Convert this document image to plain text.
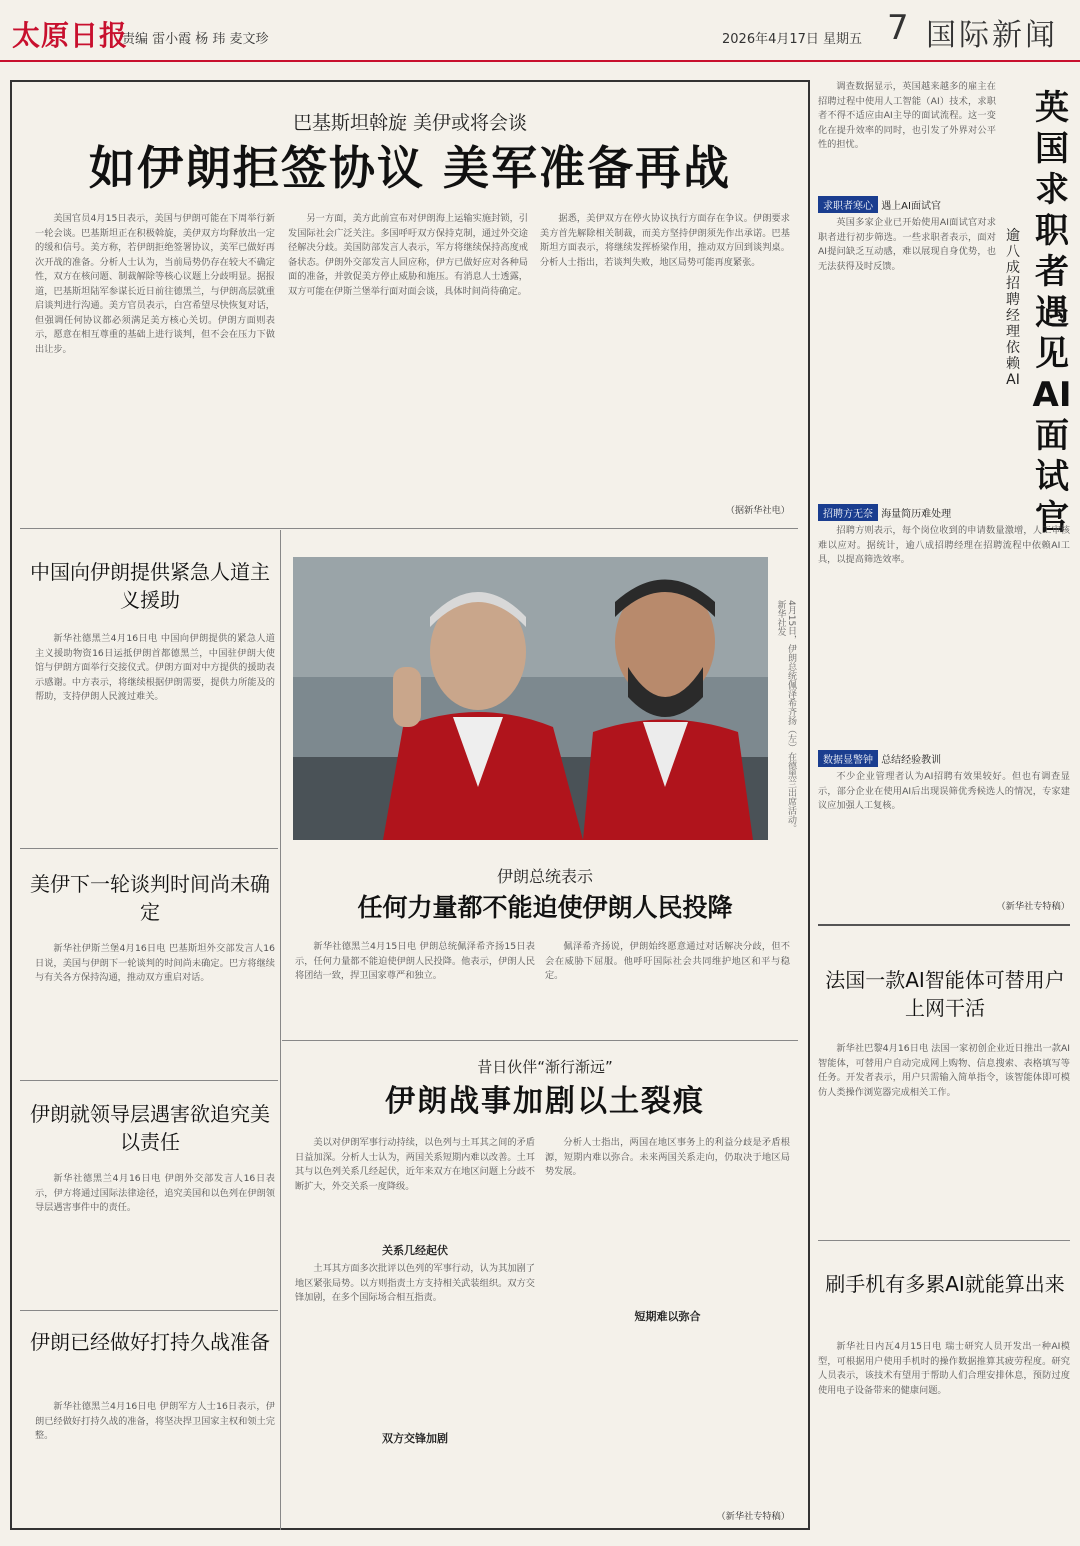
太原日报
责编 雷小霞 杨 玮 麦文珍	2026年4月17日 星期五 7 国际新闻
巴基斯坦斡旋 美伊或将会谈
如伊朗拒签协议 美军准备再战
美国官员4月15日表示，美国与伊朗可能在下周举行新一轮会谈。巴基斯坦正在积极斡旋，美伊双方均释放出一定的缓和信号。美方称，若伊朗拒绝签署协议，美军已做好再次开战的准备。分析人士认为，当前局势仍存在较大不确定性，双方在核问题、制裁解除等核心议题上分歧明显。据报道，巴基斯坦陆军参谋长近日前往德黑兰，与伊朗高层就重启谈判进行沟通。美方官员表示，白宫希望尽快恢复对话，但强调任何协议都必须满足美方核心关切。伊朗方面则表示，愿意在相互尊重的基础上进行谈判，但不会在压力下做出让步。
另一方面，美方此前宣布对伊朗海上运输实施封锁，引发国际社会广泛关注。多国呼吁双方保持克制，通过外交途径解决分歧。美国防部发言人表示，军方将继续保持高度戒备状态。伊朗外交部发言人回应称，伊方已做好应对各种局面的准备，并敦促美方停止威胁和施压。有消息人士透露，双方可能在伊斯兰堡举行面对面会谈，具体时间尚待确定。
据悉，美伊双方在停火协议执行方面存在争议。伊朗要求美方首先解除相关制裁，而美方坚持伊朗须先作出承诺。巴基斯坦方面表示，将继续发挥桥梁作用，推动双方回到谈判桌。分析人士指出，若谈判失败，地区局势可能再度紧张。
（据新华社电）
中国向伊朗提供紧急人道主义援助
新华社德黑兰4月16日电 中国向伊朗提供的紧急人道主义援助物资16日运抵伊朗首都德黑兰，中国驻伊朗大使馆与伊朗方面举行交接仪式。伊朗方面对中方提供的援助表示感谢。中方表示，将继续根据伊朗需要，提供力所能及的帮助，支持伊朗人民渡过难关。
美伊下一轮谈判时间尚未确定
新华社伊斯兰堡4月16日电 巴基斯坦外交部发言人16日说，美国与伊朗下一轮谈判的时间尚未确定。巴方将继续与有关各方保持沟通，推动双方重启对话。
伊朗就领导层遇害欲追究美以责任
新华社德黑兰4月16日电 伊朗外交部发言人16日表示，伊方将通过国际法律途径，追究美国和以色列在伊朗领导层遇害事件中的责任。
伊朗已经做好打持久战准备
新华社德黑兰4月16日电 伊朗军方人士16日表示，伊朗已经做好打持久战的准备，将坚决捍卫国家主权和领土完整。
4月15日，伊朗总统佩泽希齐扬（左）在德黑兰出席活动。新华社发
伊朗总统表示
任何力量都不能迫使伊朗人民投降
新华社德黑兰4月15日电 伊朗总统佩泽希齐扬15日表示，任何力量都不能迫使伊朗人民投降。他表示，伊朗人民将团结一致，捍卫国家尊严和独立。
佩泽希齐扬说，伊朗始终愿意通过对话解决分歧，但不会在威胁下屈服。他呼吁国际社会共同维护地区和平与稳定。
昔日伙伴“渐行渐远”
伊朗战事加剧以土裂痕
美以对伊朗军事行动持续，以色列与土耳其之间的矛盾日益加深。分析人士认为，两国关系短期内难以改善。土耳其与以色列关系几经起伏，近年来双方在地区问题上分歧不断扩大，外交关系一度降级。
关系几经起伏
土耳其方面多次批评以色列的军事行动，认为其加剧了地区紧张局势。以方则指责土方支持相关武装组织。双方交锋加剧，在多个国际场合相互指责。
双方交锋加剧
分析人士指出，两国在地区事务上的利益分歧是矛盾根源，短期内难以弥合。未来两国关系走向，仍取决于地区局势发展。
短期难以弥合
（新华社专特稿）
英
国
求
职
者
遇
见
AI
面
试
官
逾
八
成
招
聘
经
理
依
赖
AI
调查数据显示，英国越来越多的雇主在招聘过程中使用人工智能（AI）技术，求职者不得不适应由AI主导的面试流程。这一变化在提升效率的同时，也引发了外界对公平性的担忧。
求职者寒心 遇上AI面试官
英国多家企业已开始使用AI面试官对求职者进行初步筛选。一些求职者表示，面对AI提问缺乏互动感，难以展现自身优势，也无法获得及时反馈。
招聘方无奈 海量简历难处理
招聘方则表示，每个岗位收到的申请数量激增，人工审核难以应对。据统计，逾八成招聘经理在招聘流程中依赖AI工具，以提高筛选效率。
数据显警钟 总结经验教训
不少企业管理者认为AI招聘有效果较好。但也有调查显示，部分企业在使用AI后出现误筛优秀候选人的情况，专家建议应加强人工复核。
（新华社专特稿）
法国一款AI智能体可替用户上网干活
新华社巴黎4月16日电 法国一家初创企业近日推出一款AI智能体，可替用户自动完成网上购物、信息搜索、表格填写等任务。开发者表示，用户只需输入简单指令，该智能体即可模仿人类操作浏览器完成相关工作。
刷手机有多累AI就能算出来
新华社日内瓦4月15日电 瑞士研究人员开发出一种AI模型，可根据用户使用手机时的操作数据推算其疲劳程度。研究人员表示，该技术有望用于帮助人们合理安排休息，预防过度使用电子设备带来的健康问题。
